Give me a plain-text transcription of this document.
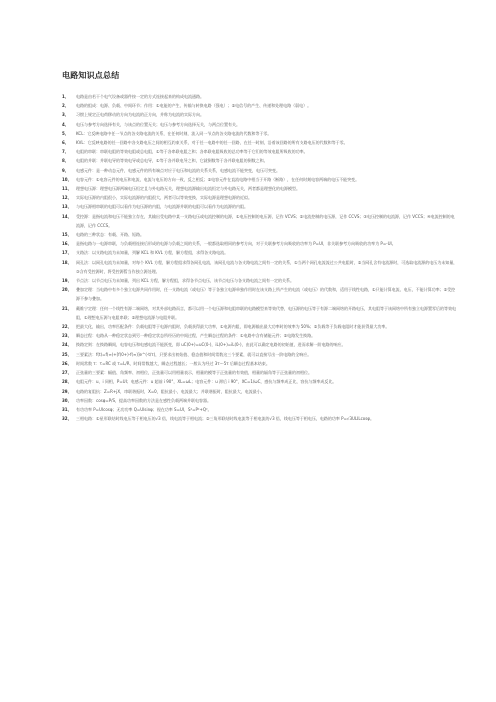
电路知识点总结
1、	电路是由若干个电气设备或器件按一定的方式连接起来的构成电流通路。
2、	电路的组成：电源、负载、中间环节；作用：①电能的产生、传输与转换电路（强电）；②电信号的产生、传递和处理电路（弱电）。
3、	习惯上规定正电荷移动的方向为电流的正方向，并称为电流的实际方向。
4、	电压与参考方向选择有关，与该点的位置无关；电压与参考方向选择无关，与两点位置有关。
5、	KCL：它反映电路中任一节点的各支路电流的关系，在任何时刻，流入同一节点的各支路电流的代数和等于零。
6、	KVL：它反映电路的任一回路中各支路电压之间的相互约束关系，对于任一电路中的任一回路，在任一时刻，沿着该回路的所有支路电压的代数和等于零。
7、	电阻的串联：串联电阻的等效电阻或总电阻，①等于各串联电阻之和；各串联电阻吸收的总功率等于它们的等效电阻所吸收的功率。
8、	电阻的并联：并联电导的等效电导或总电导，①等于各并联电导之和，它就倒数等于各并联电阻的倒数之和。
9、	电感元件：是一种动态元件，电感元件的所有端点对应于电压和电流的关系关系，电感电流不能突变，电压可突变。
10、	电容元件：①电容元件的电压和电流，电流与电压的方向一致，反之相反；②电容元件在直流电路中相当于开路（断路），在任何时刻电容两端的电压不能突变。
11、	理想电压源：理想电压源两端电压恒定且与外电路无关，理想电流源输出电流恒定与外电路无关，两者都是理想化的电源模型。
12、	实际电压源的内阻很小，实际电流源的内阻很大，两者可以等效变换，实际电源是理想电源的近似。
13、	与电压源相串联的电阻可以看作为电压源的内阻，与电流源并联的电阻可以看作为电流源的内阻。
14、	受控源：是指电流和电压不能独立存在，其输出受电路中某一支路电压或电流控制的电源，①电压控制的电压源，记作 VCVS；②电流控制的电压源，记作 CCVS；③电压控制的电流源，记作 VCCS；④电流控制的电流源，记作 CCCS。
15、	电路的三种状态：有载、开路、短路。
16、	是指电路与一电源串联，与负载相连接后形成的电源与负载之间的关系，一般都选取相同的参考方向，对于关联参考方向吸收的功率为 P=UI，非关联参考方向吸收的功率为 P=-UI。
17、	支路法：以支路电流为未知量，列解 KCL 和 KVL 方程，解方程组，求得各支路电流。
18、	网孔法：以网孔电流为未知量，对每个 KVL 方程，解方程组求得各网孔电流，该网孔电流与各支路电流之间有一定的关系，①当两个网孔电流流过公共电阻时，②当网孔含有电流源时，可选取电流源的电压为未知量，③含有受控源时，将受控源暂当作独立源处理。
19、	节点法：以节点电压为未知量，列出 KCL 方程，解方程组，求得各节点电压，该节点电压与各支路电流之间有一定的关系。
20、	叠加定理：当电路中有多个独立电源共同作用时，任一支路电流（或电压）等于各独立电源单独作用时在该支路上所产生的电流（或电压）的代数和，适用于线性电路，①只能计算电流、电压，不能计算功率；②受控源不参与叠加。
21、	戴维宁定理：任何一个线性有源二端网络，对其外部电路而言，都可以用一个电压源和电阻串联的电路模型来等效代替，电压源的电压等于有源二端网络的开路电压，其电阻等于该网络中所有独立电源置零后的等效电阻，①理想电压源与电阻串联；②理想电流源与电阻并联。
22、	把最大化，输出，功率匹配条件：负载电阻等于电源内阻时，负载获得最大功率，①电源内阻，即电源输出最大功率时的效率为 50%；②负载等于负载电阻时才能获得最大功率。
23、	瞬态过程：电路从一种稳定状态到另一种稳定状态所经历的中间过程，产生瞬态过程的条件：①电路中含有储能元件；②电路发生换路。
24、	换路定则：在换路瞬间，电容电压和电感电流不能跃变，即 uC(0+)=uC(0-)，iL(0+)=iL(0-)，由此可以确定电路的初始值，进而求解一阶电路的响应。
25、	三要素法：f(t)=f(∞)+[f(0+)-f(∞)]e^(-t/τ)，只要求出初始值、稳态值和时间常数这三个要素，就可以直接写出一阶电路的全响应。
26、	时间常数 τ：τ=RC 或 τ=L/R，时间常数越大，瞬态过程越长；一般认为经过 3τ～5τ 后瞬态过程基本结束。
27、	正弦量的三要素：幅值、角频率、初相位，正弦量可以用相量表示，相量的模等于正弦量的有效值，相量的辐角等于正弦量的初相位。
28、	电阻元件：u、i 同相，P=UI；电感元件：u 超前 i 90°，XL=ωL；电容元件：u 滞后 i 90°，XC=1/ωC，感抗与频率成正比，容抗与频率成反比。
29、	电路的复阻抗：Z=R+jX，串联谐振时，X=0，阻抗最小，电流最大；并联谐振时，阻抗最大，电流最小。
30、	功率因数：cosφ=P/S，提高功率因数的方法是在感性负载两端并联电容器。
31、	有功功率 P=UIcosφ；无功功率 Q=UIsinφ；视在功率 S=UI，S²=P²+Q²。
32、	三相电路：①星形联结时线电压等于相电压的√3 倍，线电流等于相电流；②三角形联结时线电流等于相电流的√3 倍，线电压等于相电压，电路的功率 P=√3ULILcosφ。
